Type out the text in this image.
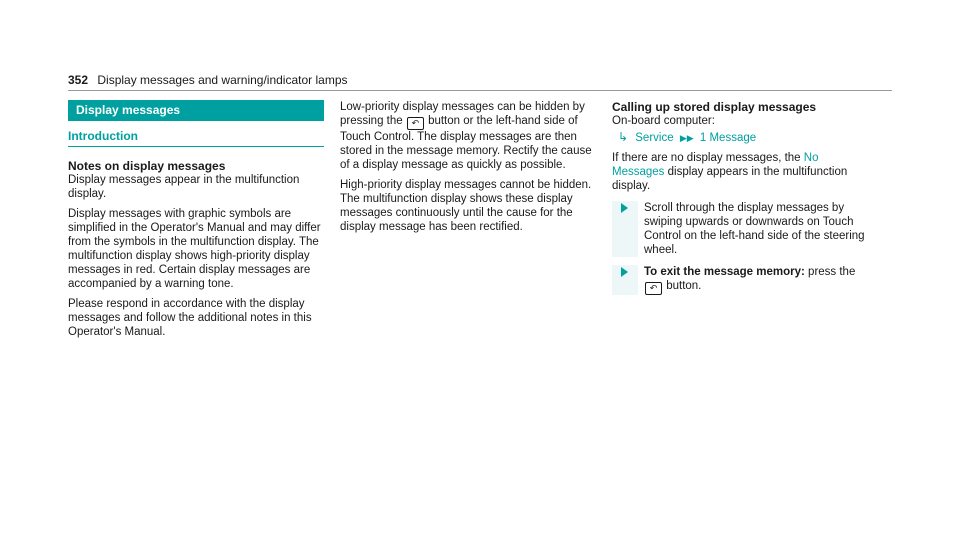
352 Display messages and warning/indicator lamps
Display messages
Introduction
Notes on display messages

Display messages appear in the multifunction display.

Display messages with graphic symbols are simplified in the Operator's Manual and may differ from the symbols in the multifunction display. The multifunction display shows high-priority display messages in red. Certain display messages are accompanied by a warning tone.

Please respond in accordance with the display messages and follow the additional notes in this Operator's Manual.

Low-priority display messages can be hidden by pressing the ↶ button or the left-hand side of Touch Control. The display messages are then stored in the message memory. Rectify the cause of a display message as quickly as possible.

High-priority display messages cannot be hidden. The multifunction display shows these display messages continuously until the cause for the display message has been rectified.

Calling up stored display messages

On-board computer:

↳ Service ▶▶ 1 Message

If there are no display messages, the No Messages display appears in the multifunction display.

Scroll through the display messages by swiping upwards or downwards on Touch Control on the left-hand side of the steering wheel.
To exit the message memory: press the
↶ button.
